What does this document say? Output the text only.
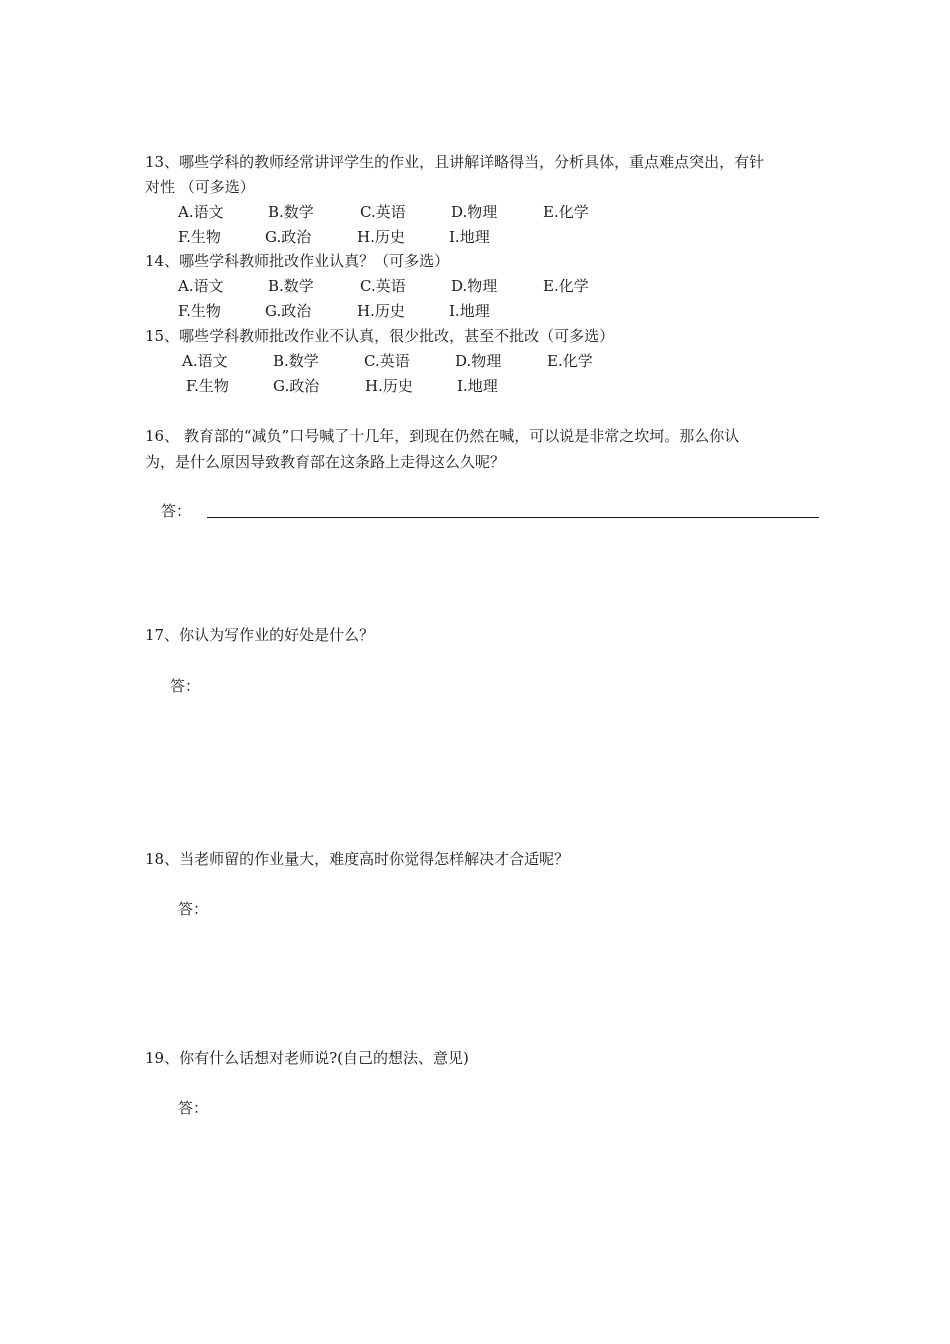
13、哪些学科的教师经常讲评学生的作业，且讲解详略得当，分析具体，重点难点突出，有针
对性 （可多选）
A.语文	B.数学	C.英语	D.物理	E.化学
F.生物	G.政治	H.历史	I.地理
14、哪些学科教师批改作业认真？（可多选）
A.语文	B.数学	C.英语	D.物理	E.化学
F.生物	G.政治	H.历史	I.地理
15、哪些学科教师批改作业不认真，很少批改，甚至不批改（可多选）
A.语文	B.数学	C.英语	D.物理	E.化学
F.生物	G.政治	H.历史	I.地理
16、 教育部的“减负”口号喊了十几年，到现在仍然在喊，可以说是非常之坎坷。那么你认
为，是什么原因导致教育部在这条路上走得这么久呢？
答：
17、你认为写作业的好处是什么？
答：
18、当老师留的作业量大，难度高时你觉得怎样解决才合适呢？
答：
19、你有什么话想对老师说?(自己的想法、意见)
答：
